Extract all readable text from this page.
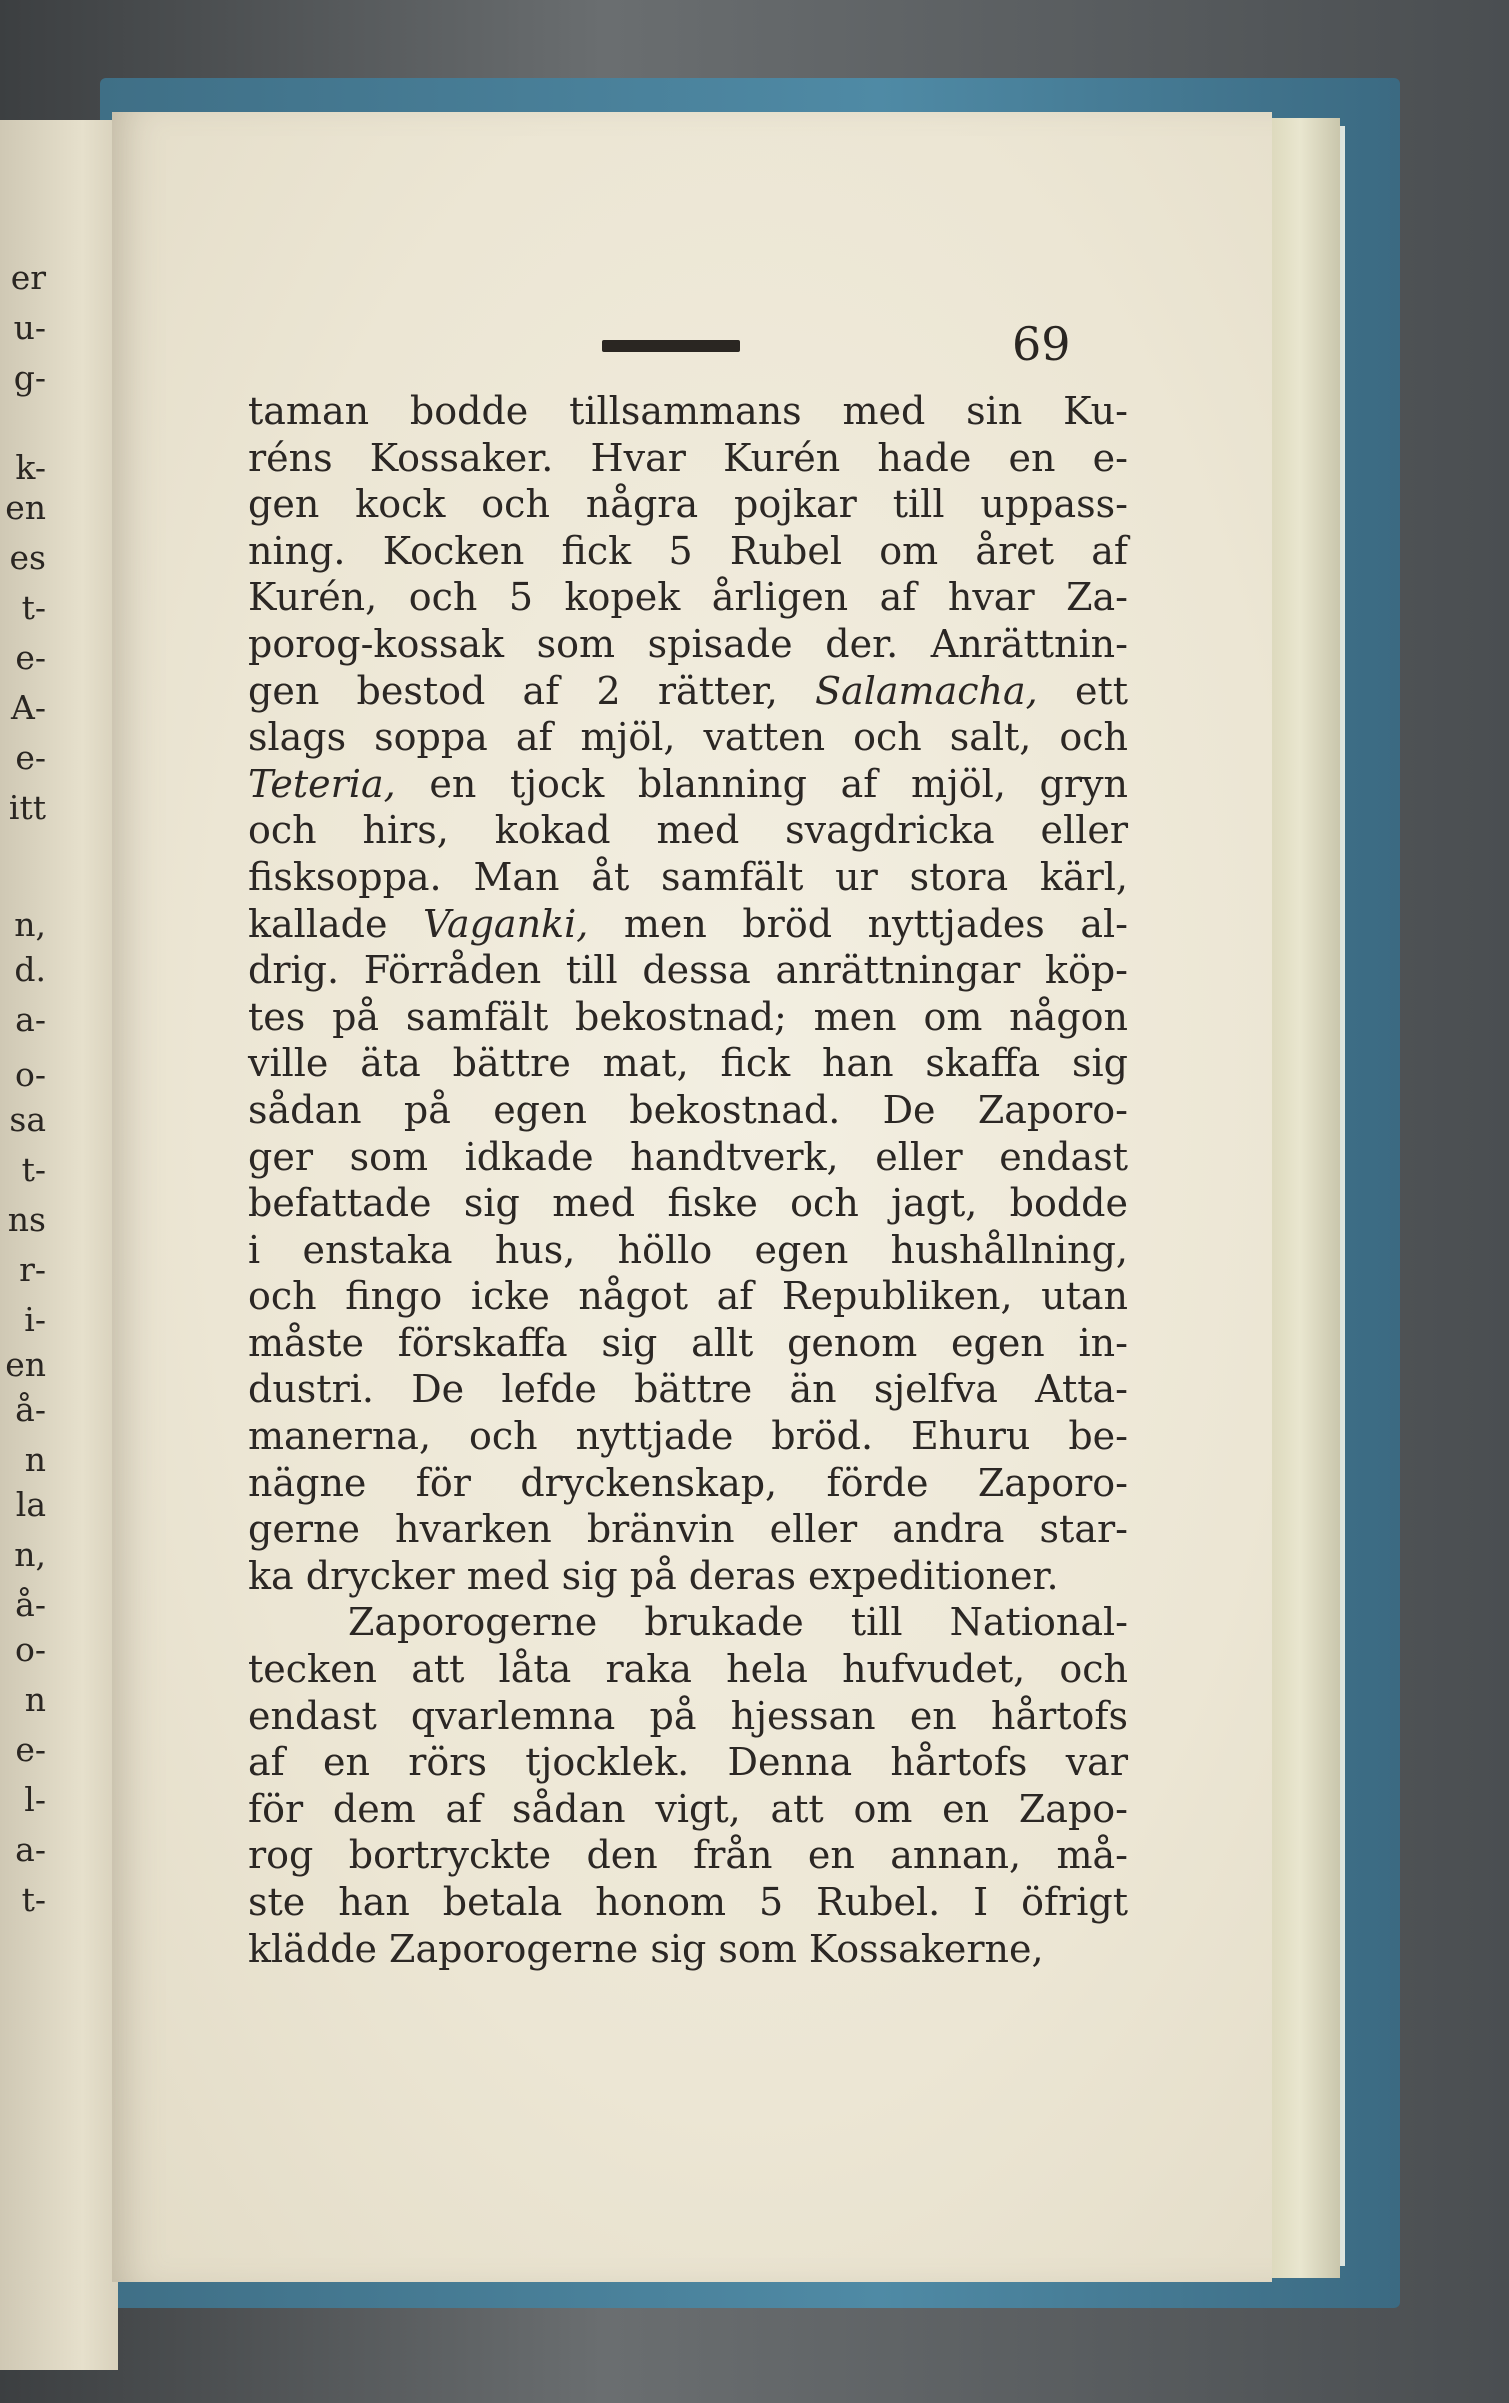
er
u-
g-
k-
en
es
t-
e-
A-
e-
itt
n,
d.
a-
o-
sa
t-
ns
r-
i-
en
å-
n
la
n,
å-
o-
n
e-
l-
a-
t-
69
taman bodde tillsammans med sin Ku-
réns Kossaker. Hvar Kurén hade en e-
gen kock och några pojkar till uppass-
ning. Kocken fick 5 Rubel om året af
Kurén, och 5 kopek årligen af hvar Za-
porog-kossak som spisade der. Anrättnin-
gen bestod af 2 rätter, Salamacha, ett
slags soppa af mjöl, vatten och salt, och
Teteria, en tjock blanning af mjöl, gryn
och hirs, kokad med svagdricka eller
fisksoppa. Man åt samfält ur stora kärl,
kallade Vaganki, men bröd nyttjades al-
drig. Förråden till dessa anrättningar köp-
tes på samfält bekostnad; men om någon
ville äta bättre mat, fick han skaffa sig
sådan på egen bekostnad. De Zaporo-
ger som idkade handtverk, eller endast
befattade sig med fiske och jagt, bodde
i enstaka hus, höllo egen hushållning,
och fingo icke något af Republiken, utan
måste förskaffa sig allt genom egen in-
dustri. De lefde bättre än sjelfva Atta-
manerna, och nyttjade bröd. Ehuru be-
nägne för dryckenskap, förde Zaporo-
gerne hvarken bränvin eller andra star-
ka drycker med sig på deras expeditioner.
Zaporogerne brukade till National-
tecken att låta raka hela hufvudet, och
endast qvarlemna på hjessan en hårtofs
af en rörs tjocklek. Denna hårtofs var
för dem af sådan vigt, att om en Zapo-
rog bortryckte den från en annan, må-
ste han betala honom 5 Rubel. I öfrigt
klädde Zaporogerne sig som Kossakerne,
